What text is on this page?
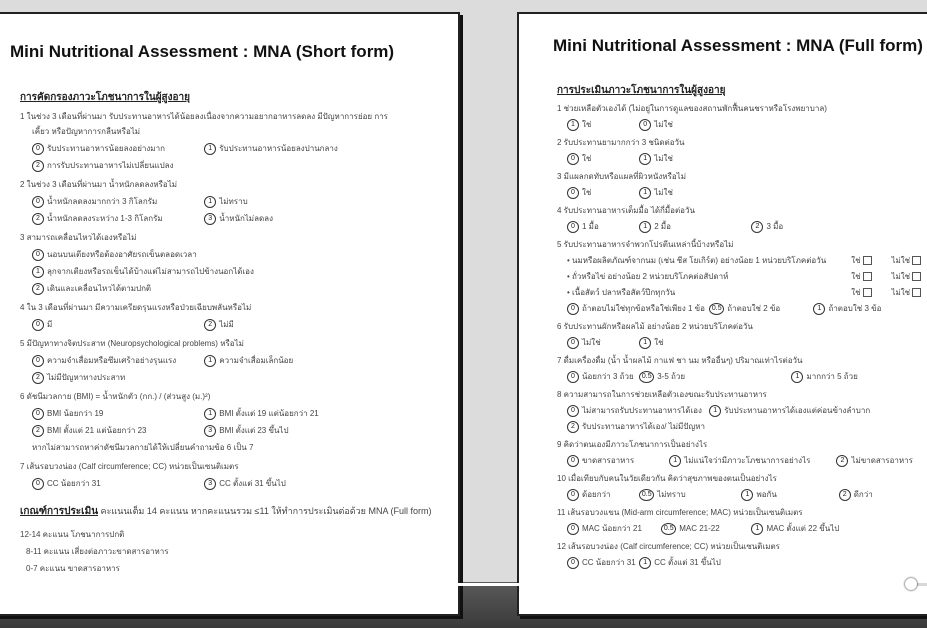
Mini Nutritional Assessment : MNA (Short form)
การคัดกรองภาวะโภชนาการในผู้สูงอายุ
1 ในช่วง 3 เดือนที่ผ่านมา รับประทานอาหารได้น้อยลงเนื่องจากความอยากอาหารลดลง มีปัญหาการย่อย การ
เคี้ยว หรือปัญหาการกลืนหรือไม่
0 รับประทานอาหารน้อยลงอย่างมาก	1 รับประทานอาหารน้อยลงปานกลาง
2 การรับประทานอาหารไม่เปลี่ยนแปลง
2 ในช่วง 3 เดือนที่ผ่านมา น้ำหนักลดลงหรือไม่
0 น้ำหนักลดลงมากกว่า 3 กิโลกรัม	1 ไม่ทราบ
2 น้ำหนักลดลงระหว่าง 1-3 กิโลกรัม	3 น้ำหนักไม่ลดลง
3 สามารถเคลื่อนไหวได้เองหรือไม่
0 นอนบนเตียงหรือต้องอาศัยรถเข็นตลอดเวลา
1 ลุกจากเตียงหรือรถเข็นได้บ้างแต่ไม่สามารถไปข้างนอกได้เอง
2 เดินและเคลื่อนไหวได้ตามปกติ
4 ใน 3 เดือนที่ผ่านมา มีความเครียดรุนแรงหรือป่วยเฉียบพลันหรือไม่
0 มี	2 ไม่มี
5 มีปัญหาทางจิตประสาท (Neuropsychological problems) หรือไม่
0 ความจำเสื่อมหรือซึมเศร้าอย่างรุนแรง	1 ความจำเสื่อมเล็กน้อย
2 ไม่มีปัญหาทางประสาท
6 ดัชนีมวลกาย (BMI) = น้ำหนักตัว (กก.) / (ส่วนสูง (ม.)²)
0 BMI น้อยกว่า 19	1 BMI ตั้งแต่ 19 แต่น้อยกว่า 21
2 BMI ตั้งแต่ 21 แต่น้อยกว่า 23	3 BMI ตั้งแต่ 23 ขึ้นไป
หากไม่สามารถหาค่าดัชนีมวลกายได้ให้เปลี่ยนคำถามข้อ 6 เป็น 7
7 เส้นรอบวงน่อง (Calf circumference; CC) หน่วยเป็นเซนติเมตร
0 CC น้อยกว่า 31	3 CC ตั้งแต่ 31 ขึ้นไป
เกณฑ์การประเมิน คะแนนเต็ม 14 คะแนน หากคะแนนรวม ≤11 ให้ทำการประเมินต่อด้วย MNA (Full form)
12-14 คะแนน โภชนาการปกติ
8-11 คะแนน เสี่ยงต่อภาวะขาดสารอาหาร
0-7 คะแนน ขาดสารอาหาร
Mini Nutritional Assessment : MNA (Full form)
การประเมินภาวะโภชนาการในผู้สูงอายุ
1 ช่วยเหลือตัวเองได้ (ไม่อยู่ในการดูแลของสถานพักฟื้นคนชราหรือโรงพยาบาล)
1 ใช่	0 ไม่ใช่
2 รับประทานยามากกว่า 3 ชนิดต่อวัน
0 ใช่	1 ไม่ใช่
3 มีแผลกดทับหรือแผลที่ผิวหนังหรือไม่
0 ใช่	1 ไม่ใช่
4 รับประทานอาหารเต็มมื้อ ได้กี่มื้อต่อวัน
0 1 มื้อ	1 2 มื้อ	2 3 มื้อ
5 รับประทานอาหารจำพวกโปรตีนเหล่านี้บ้างหรือไม่
• นมหรือผลิตภัณฑ์จากนม (เช่น ชีส โยเกิร์ต) อย่างน้อย 1 หน่วยบริโภคต่อวัน	ใช่	ไม่ใช่
• ถั่วหรือไข่ อย่างน้อย 2 หน่วยบริโภคต่อสัปดาห์	ใช่	ไม่ใช่
• เนื้อสัตว์ ปลาหรือสัตว์ปีกทุกวัน	ใช่	ไม่ใช่
0 ถ้าตอบไม่ใช่ทุกข้อหรือใช่เพียง 1 ข้อ 0.5 ถ้าตอบใช่ 2 ข้อ	1 ถ้าตอบใช่ 3 ข้อ
6 รับประทานผักหรือผลไม้ อย่างน้อย 2 หน่วยบริโภคต่อวัน
0 ไม่ใช่	1 ใช่
7 ดื่มเครื่องดื่ม (น้ำ น้ำผลไม้ กาแฟ ชา นม หรืออื่นๆ) ปริมาณเท่าไรต่อวัน
0 น้อยกว่า 3 ถ้วย 0.5 3-5 ถ้วย	1 มากกว่า 5 ถ้วย
8 ความสามารถในการช่วยเหลือตัวเองขณะรับประทานอาหาร
0 ไม่สามารถรับประทานอาหารได้เอง 1 รับประทานอาหารได้เองแต่ค่อนข้างลำบาก
2 รับประทานอาหารได้เอง/ ไม่มีปัญหา
9 คิดว่าตนเองมีภาวะโภชนาการเป็นอย่างไร
0 ขาดสารอาหาร	1 ไม่แน่ใจว่ามีภาวะโภชนาการอย่างไร	2 ไม่ขาดสารอาหาร
10 เมื่อเทียบกับคนในวัยเดียวกัน คิดว่าสุขภาพของตนเป็นอย่างไร
0 ด้อยกว่า	0.5 ไม่ทราบ	1 พอกัน	2 ดีกว่า
11 เส้นรอบวงแขน (Mid-arm circumference; MAC) หน่วยเป็นเซนติเมตร
0 MAC น้อยกว่า 21	0.5 MAC 21-22	1 MAC ตั้งแต่ 22 ขึ้นไป
12 เส้นรอบวงน่อง (Calf circumference; CC) หน่วยเป็นเซนติเมตร
0 CC น้อยกว่า 31 1 CC ตั้งแต่ 31 ขึ้นไป
